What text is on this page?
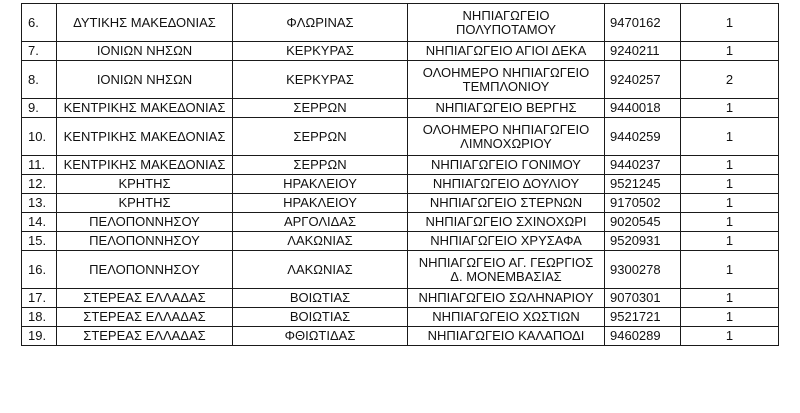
6.	ΔΥΤΙΚΗΣ ΜΑΚΕΔΟΝΙΑΣ	ΦΛΩΡΙΝΑΣ	ΝΗΠΙΑΓΩΓΕΙΟ
ΠΟΛΥΠΟΤΑΜΟΥ	9470162	1
7.	ΙΟΝΙΩΝ ΝΗΣΩΝ	ΚΕΡΚΥΡΑΣ	ΝΗΠΙΑΓΩΓΕΙΟ ΑΓΙΟΙ ΔΕΚΑ	9240211	1
8.	ΙΟΝΙΩΝ ΝΗΣΩΝ	ΚΕΡΚΥΡΑΣ	ΟΛΟΗΜΕΡΟ ΝΗΠΙΑΓΩΓΕΙΟ
ΤΕΜΠΛΟΝΙΟΥ	9240257	2
9.	ΚΕΝΤΡΙΚΗΣ ΜΑΚΕΔΟΝΙΑΣ	ΣΕΡΡΩΝ	ΝΗΠΙΑΓΩΓΕΙΟ ΒΕΡΓΗΣ	9440018	1
10.	ΚΕΝΤΡΙΚΗΣ ΜΑΚΕΔΟΝΙΑΣ	ΣΕΡΡΩΝ	ΟΛΟΗΜΕΡΟ ΝΗΠΙΑΓΩΓΕΙΟ
ΛΙΜΝΟΧΩΡΙΟΥ	9440259	1
11.	ΚΕΝΤΡΙΚΗΣ ΜΑΚΕΔΟΝΙΑΣ	ΣΕΡΡΩΝ	ΝΗΠΙΑΓΩΓΕΙΟ ΓΟΝΙΜΟΥ	9440237	1
12.	ΚΡΗΤΗΣ	ΗΡΑΚΛΕΙΟΥ	ΝΗΠΙΑΓΩΓΕΙΟ ΔΟΥΛΙΟΥ	9521245	1
13.	ΚΡΗΤΗΣ	ΗΡΑΚΛΕΙΟΥ	ΝΗΠΙΑΓΩΓΕΙΟ ΣΤΕΡΝΩΝ	9170502	1
14.	ΠΕΛΟΠΟΝΝΗΣΟΥ	ΑΡΓΟΛΙΔΑΣ	ΝΗΠΙΑΓΩΓΕΙΟ ΣΧΙΝΟΧΩΡΙ	9020545	1
15.	ΠΕΛΟΠΟΝΝΗΣΟΥ	ΛΑΚΩΝΙΑΣ	ΝΗΠΙΑΓΩΓΕΙΟ ΧΡΥΣΑΦΑ	9520931	1
16.	ΠΕΛΟΠΟΝΝΗΣΟΥ	ΛΑΚΩΝΙΑΣ	ΝΗΠΙΑΓΩΓΕΙΟ ΑΓ. ΓΕΩΡΓΙΟΣ
Δ. ΜΟΝΕΜΒΑΣΙΑΣ	9300278	1
17.	ΣΤΕΡΕΑΣ ΕΛΛΑΔΑΣ	ΒΟΙΩΤΙΑΣ	ΝΗΠΙΑΓΩΓΕΙΟ ΣΩΛΗΝΑΡΙΟΥ	9070301	1
18.	ΣΤΕΡΕΑΣ ΕΛΛΑΔΑΣ	ΒΟΙΩΤΙΑΣ	ΝΗΠΙΑΓΩΓΕΙΟ ΧΩΣΤΙΩΝ	9521721	1
19.	ΣΤΕΡΕΑΣ ΕΛΛΑΔΑΣ	ΦΘΙΩΤΙΔΑΣ	ΝΗΠΙΑΓΩΓΕΙΟ ΚΑΛΑΠΟΔΙ	9460289	1
